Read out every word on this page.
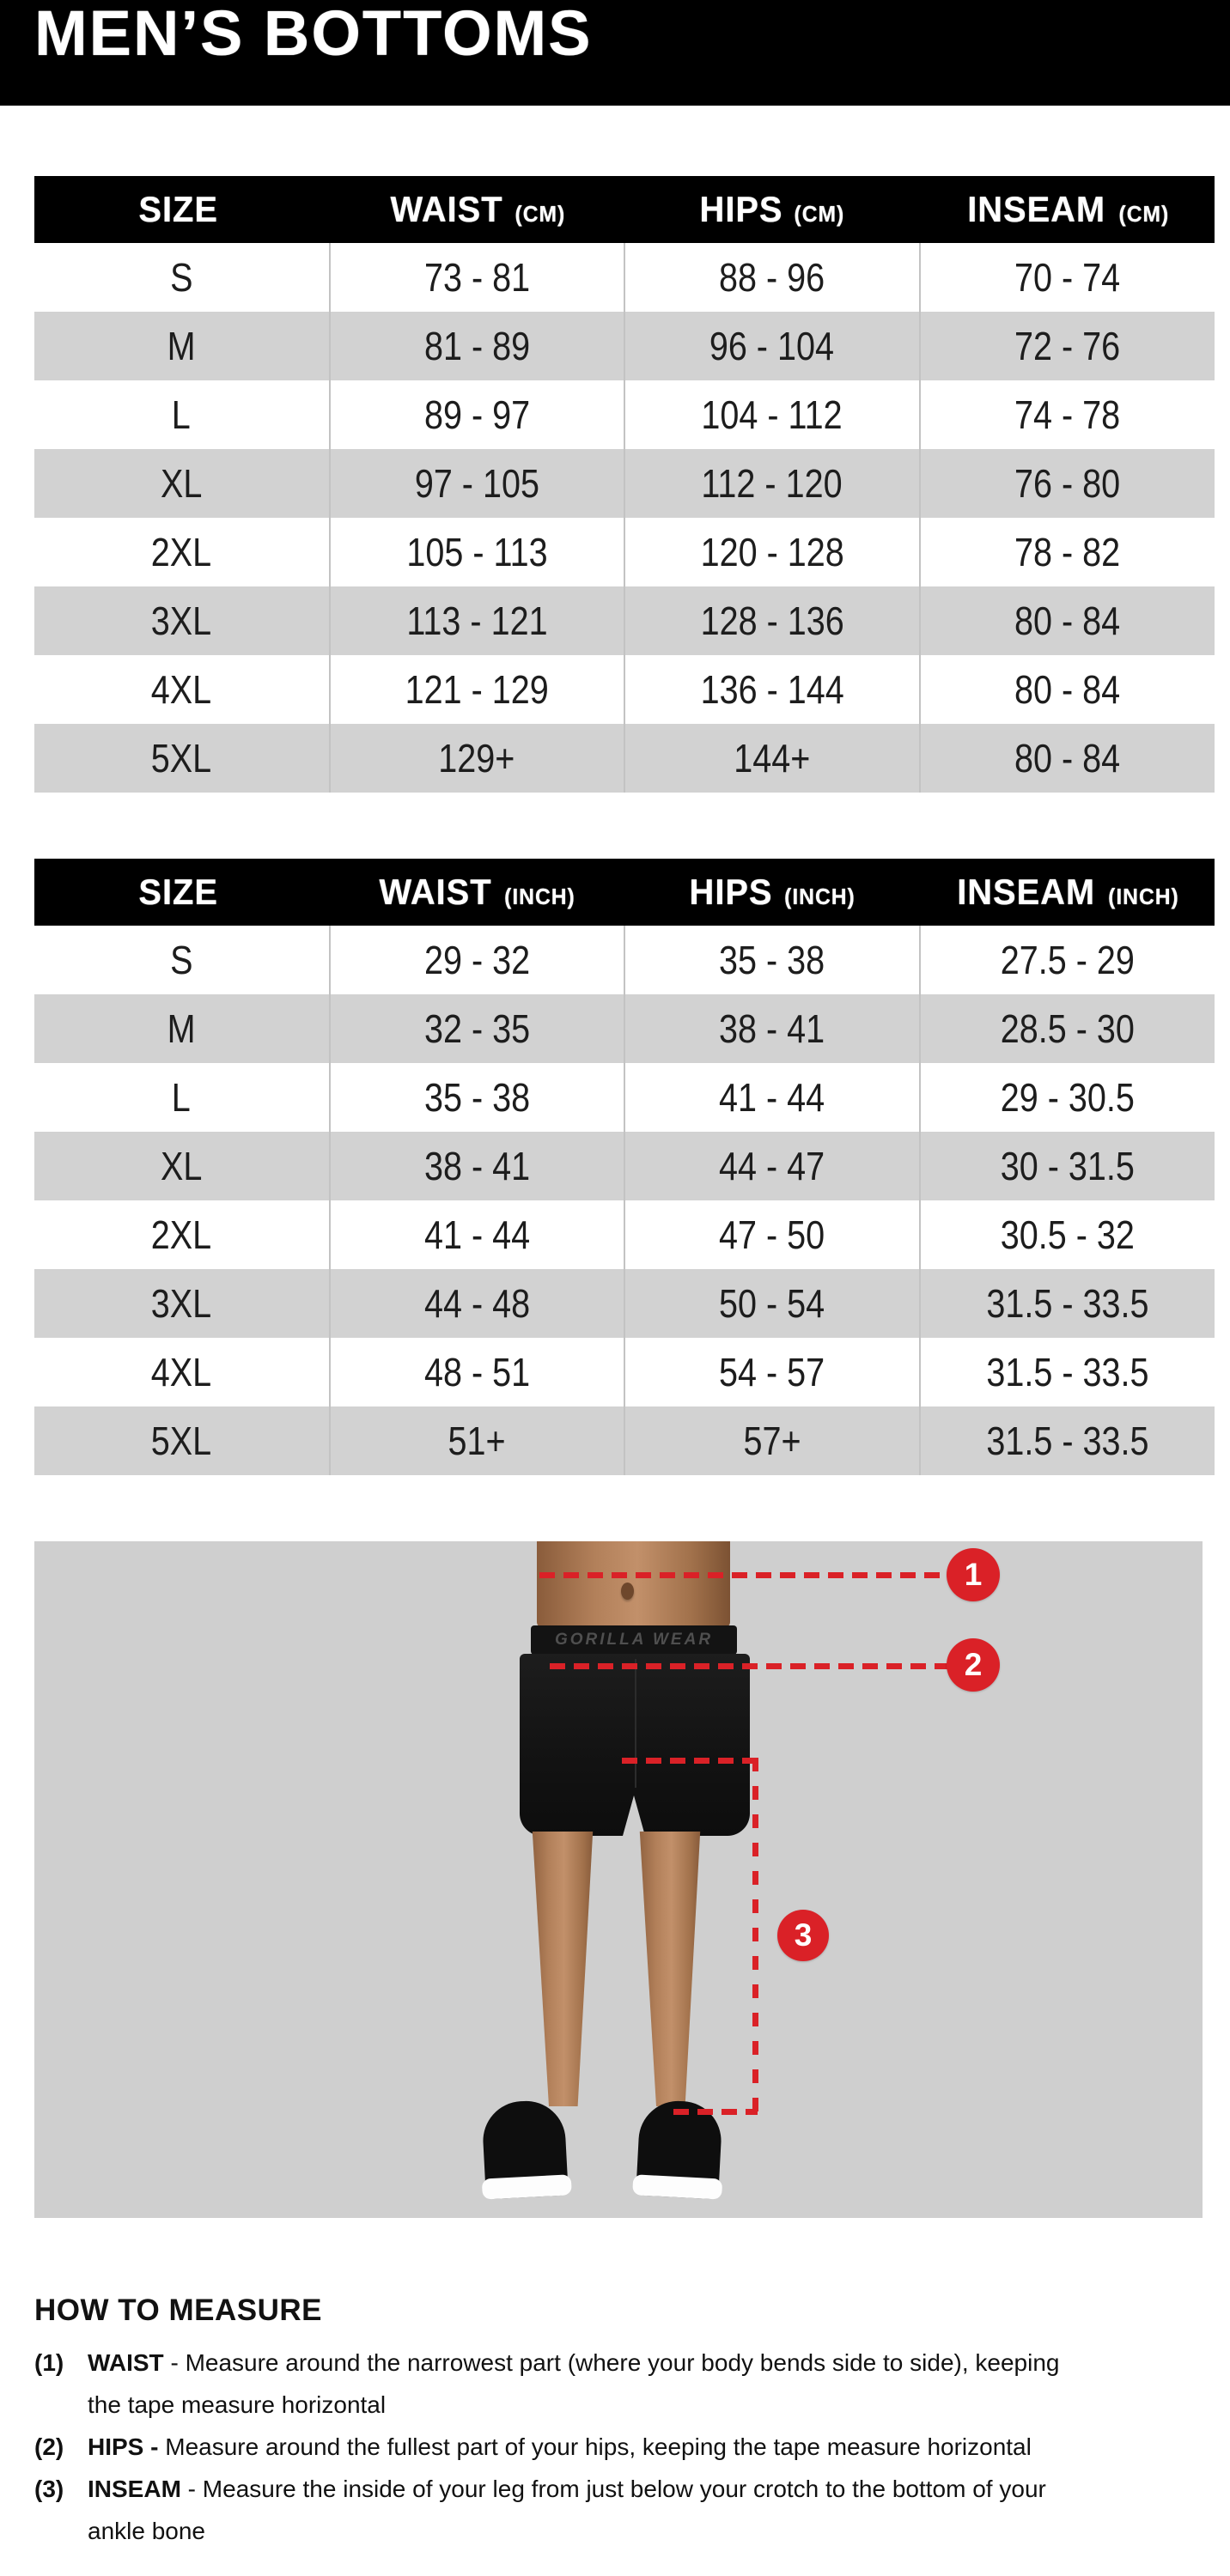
MEN’S BOTTOMS
SIZE	WAIST (CM)	HIPS (CM)	INSEAM (CM)
S	73 - 81	88 - 96	70 - 74
M	81 - 89	96 - 104	72 - 76
L	89 - 97	104 - 112	74 - 78
XL	97 - 105	112 - 120	76 - 80
2XL	105 - 113	120 - 128	78 - 82
3XL	113 - 121	128 - 136	80 - 84
4XL	121 - 129	136 - 144	80 - 84
5XL	129+	144+	80 - 84
SIZE	WAIST (INCH)	HIPS (INCH)	INSEAM (INCH)
S	29 - 32	35 - 38	27.5 - 29
M	32 - 35	38 - 41	28.5 - 30
L	35 - 38	41 - 44	29 - 30.5
XL	38 - 41	44 - 47	30 - 31.5
2XL	41 - 44	47 - 50	30.5 - 32
3XL	44 - 48	50 - 54	31.5 - 33.5
4XL	48 - 51	54 - 57	31.5 - 33.5
5XL	51+	57+	31.5 - 33.5
GORILLA WEAR
1
2
3
HOW TO MEASURE
(1) WAIST - Measure around the narrowest part (where your body bends side to side), keeping the tape measure horizontal
(2) HIPS - Measure around the fullest part of your hips, keeping the tape measure horizontal
(3) INSEAM - Measure the inside of your leg from just below your crotch to the bottom of your ankle bone
